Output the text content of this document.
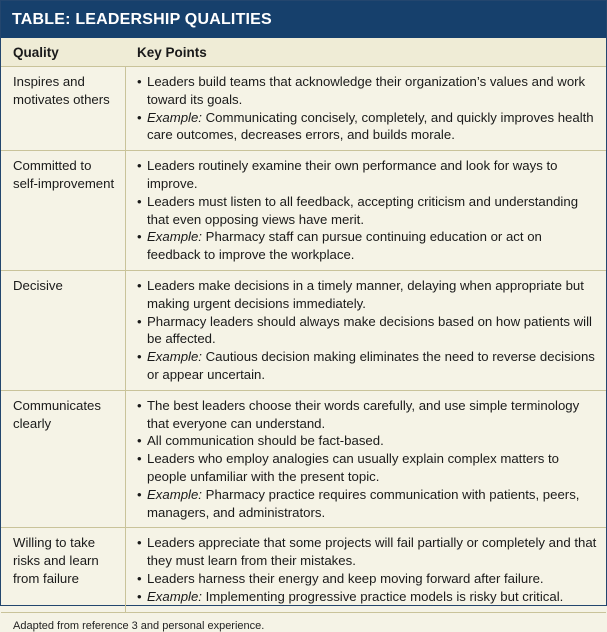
TABLE: LEADERSHIP QUALITIES
Quality	Key Points
Inspires and motivates others
• Leaders build teams that acknowledge their organization’s values and work toward its goals.
• Example: Communicating concisely, completely, and quickly improves health care outcomes, decreases errors, and builds morale.
Committed to self-improvement
• Leaders routinely examine their own performance and look for ways to improve.
• Leaders must listen to all feedback, accepting criticism and understanding that even opposing views have merit.
• Example: Pharmacy staff can pursue continuing education or act on feedback to improve the workplace.
Decisive	• Leaders make decisions in a timely manner, delaying when appropriate but making urgent decisions immediately.
• Pharmacy leaders should always make decisions based on how patients will be affected.
• Example: Cautious decision making eliminates the need to reverse decisions or appear uncertain.
Communicates clearly
• The best leaders choose their words carefully, and use simple terminology that everyone can understand.
• All communication should be fact-based.
• Leaders who employ analogies can usually explain complex matters to people unfamiliar with the present topic.
• Example: Pharmacy practice requires communication with patients, peers, managers, and administrators.
Willing to take risks and learn from failure
• Leaders appreciate that some projects will fail partially or completely and that they must learn from their mistakes.
• Leaders harness their energy and keep moving forward after failure.
• Example: Implementing progressive practice models is risky but critical.
Adapted from reference 3 and personal experience.
